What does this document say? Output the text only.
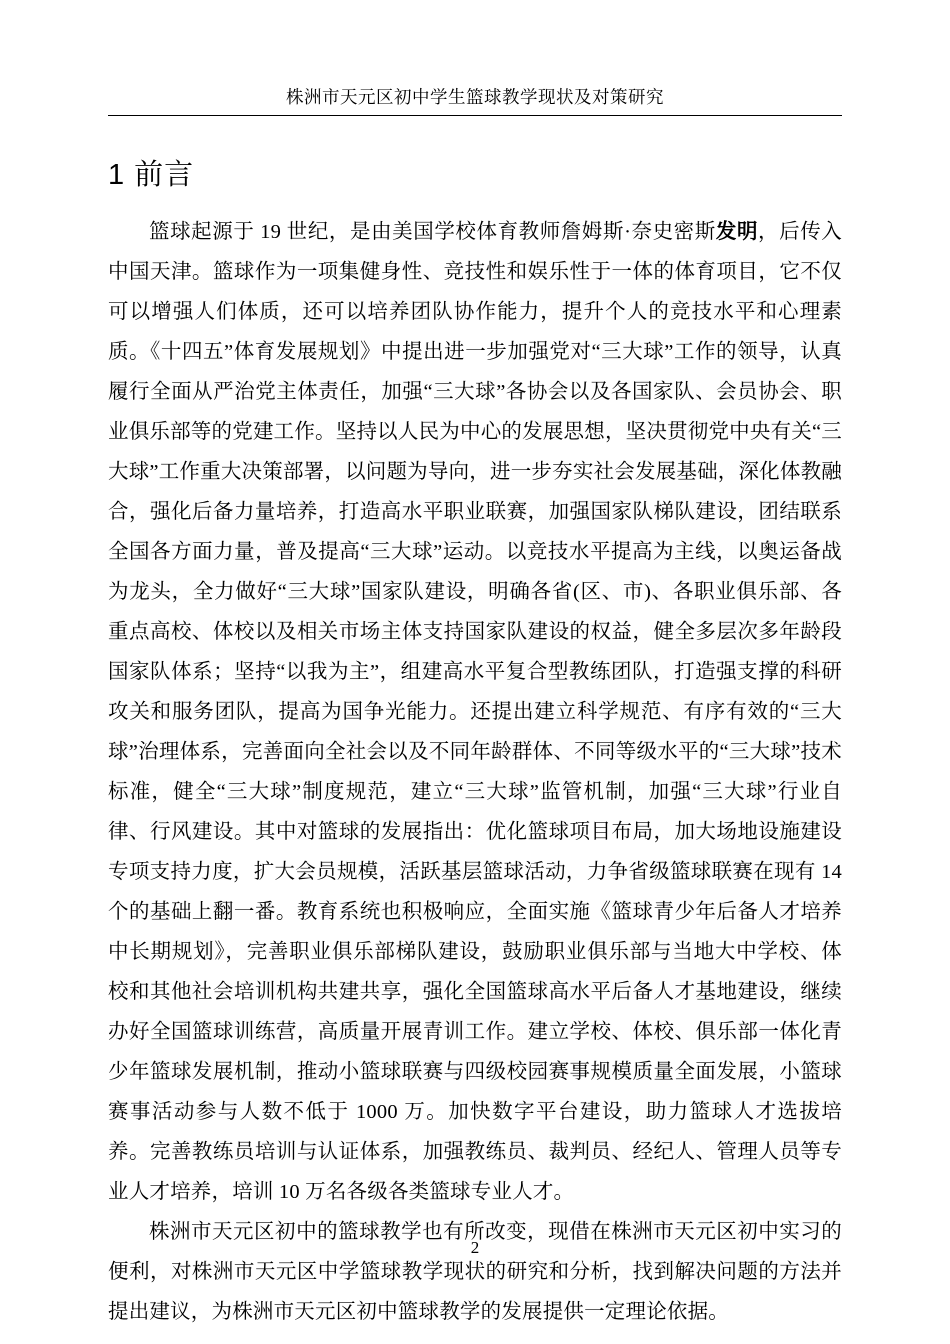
株洲市天元区初中学生篮球教学现状及对策研究
1 前言

篮球起源于 19 世纪，是由美国学校体育教师詹姆斯·奈史密斯发明，后传入中国天津。篮球作为一项集健身性、竞技性和娱乐性于一体的体育项目，它不仅可以增强人们体质，还可以培养团队协作能力，提升个人的竞技水平和心理素质。《十四五”体育发展规划》中提出进一步加强党对“三大球”工作的领导，认真履行全面从严治党主体责任，加强“三大球”各协会以及各国家队、会员协会、职业俱乐部等的党建工作。坚持以人民为中心的发展思想，坚决贯彻党中央有关“三大球”工作重大决策部署，以问题为导向，进一步夯实社会发展基础，深化体教融合，强化后备力量培养，打造高水平职业联赛，加强国家队梯队建设，团结联系全国各方面力量，普及提高“三大球”运动。以竞技水平提高为主线，以奥运备战为龙头，全力做好“三大球”国家队建设，明确各省(区、市)、各职业俱乐部、各重点高校、体校以及相关市场主体支持国家队建设的权益，健全多层次多年龄段国家队体系；坚持“以我为主”，组建高水平复合型教练团队，打造强支撑的科研攻关和服务团队，提高为国争光能力。还提出建立科学规范、有序有效的“三大球”治理体系，完善面向全社会以及不同年龄群体、不同等级水平的“三大球”技术标准，健全“三大球”制度规范，建立“三大球”监管机制，加强“三大球”行业自律、行风建设。其中对篮球的发展指出：优化篮球项目布局，加大场地设施建设专项支持力度，扩大会员规模，活跃基层篮球活动，力争省级篮球联赛在现有 14 个的基础上翻一番。教育系统也积极响应，全面实施《篮球青少年后备人才培养中长期规划》，完善职业俱乐部梯队建设，鼓励职业俱乐部与当地大中学校、体校和其他社会培训机构共建共享，强化全国篮球高水平后备人才基地建设，继续办好全国篮球训练营，高质量开展青训工作。建立学校、体校、俱乐部一体化青少年篮球发展机制，推动小篮球联赛与四级校园赛事规模质量全面发展，小篮球赛事活动参与人数不低于 1000 万。加快数字平台建设，助力篮球人才选拔培养。完善教练员培训与认证体系，加强教练员、裁判员、经纪人、管理人员等专业人才培养，培训 10 万名各级各类篮球专业人才。

株洲市天元区初中的篮球教学也有所改变，现借在株洲市天元区初中实习的便利，对株洲市天元区中学篮球教学现状的研究和分析，找到解决问题的方法并提出建议，为株洲市天元区初中篮球教学的发展提供一定理论依据。

2
